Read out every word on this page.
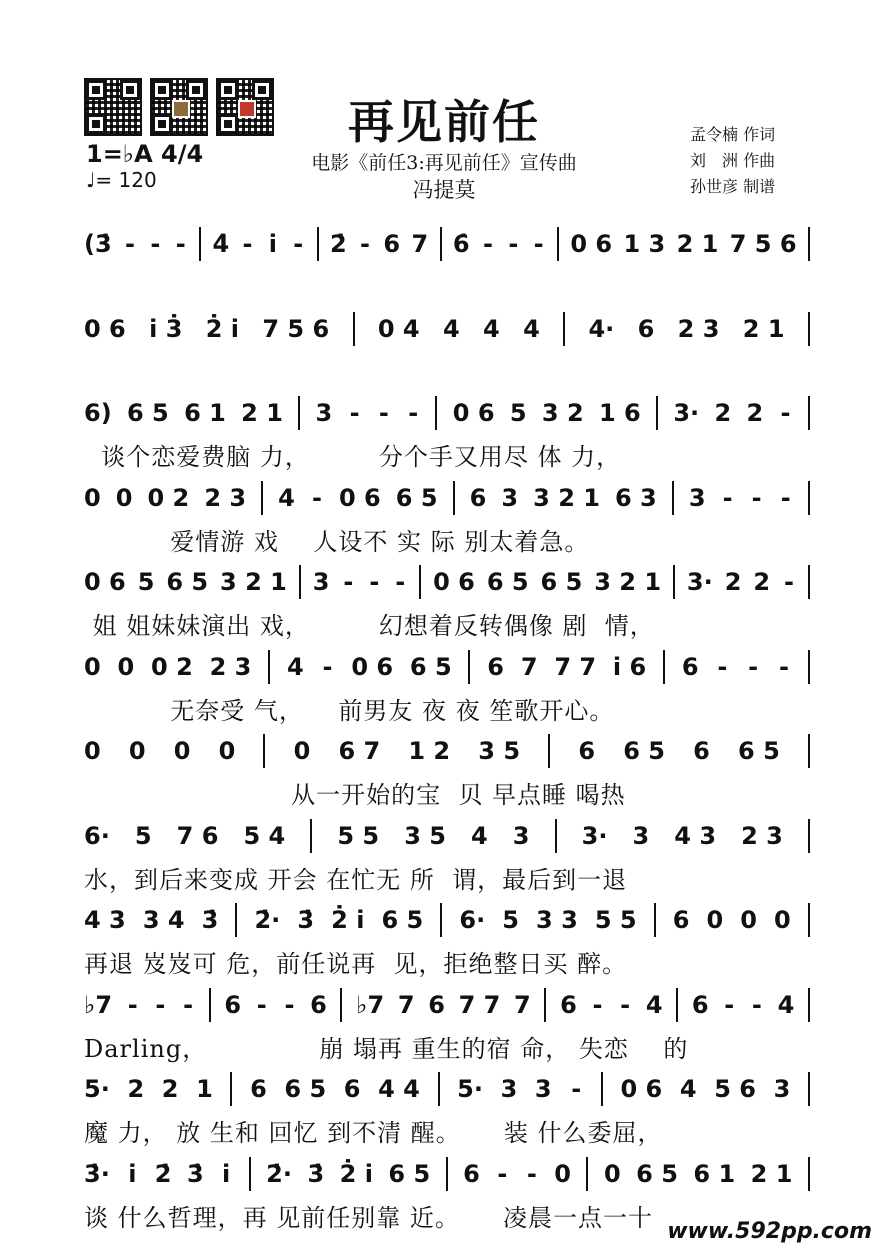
再见前任
电影《前任3:再见前任》宣传曲
冯提莫
1=♭A 4/4
♩= 120
孟令楠 作词
刘　洲 作曲
孙世彦 制谱
(3̇ - - - 4̇ - i - 2̇ - 6 7 6̇ - - - 0 6 1 3 2 1 7 5 6
0 6 i 3̇ 2̇ i 7 5 6 0 4 4 4 4 4· 6 2 3 2 1
6) 6 5 6 1 2 1 3 - - - 0 6 5 3 2 1 6 3· 2 2 -
谈个恋爱费脑 力，        分个手又用尽 体 力，
0 0 0 2 2 3 4 - 0 6 6 5 6 3 3 2 1 6 3 3 - - -
爱情游 戏    人设不 实 际 别太着急。
0 6 5 6 5 3 2 1 3 - - - 0 6 6 5 6 5 3 2 1 3· 2 2 -
姐 姐妹妹演出 戏，        幻想着反转偶像 剧  情，
0 0 0 2 2 3 4 - 0 6 6 5 6 7 7 7 i 6 6 - - -
无奈受 气，    前男友 夜 夜 笙歌开心。
0 0 0 0 0 6 7 1 2 3 5 6 6 5 6 6 5
从一开始的宝  贝 早点睡 喝热
6· 5 7 6 5 4 5 5 3 5 4 3 3· 3 4 3 2 3
水，到后来变成 开会 在忙无 所  谓，最后到一退
4 3 3 4 3̇ 2̇· 3̇ 2̇ i 6 5 6· 5 3 3 5 5 6 0 0 0
再退 岌岌可 危，前任说再  见，拒绝整日买 醉。
♭7 - - - 6 - - 6 ♭7 7 6 7 7 7 6 - - 4 6 - - 4
Darling，             崩 塌再 重生的宿 命， 失恋    的
5· 2 2 1 6 6 5 6 4 4 5· 3 3 - 0 6 4 5 6 3
魔 力， 放 生和 回忆 到不清 醒。     装 什么委屈，
3̇· i 2̇ 3̇ i 2̇· 3̇ 2̇ i 6 5 6 - - 0 0 6 5 6 1 2 1
谈 什么哲理，再 见前任别靠 近。     凌晨一点一十 www.592pp.com
